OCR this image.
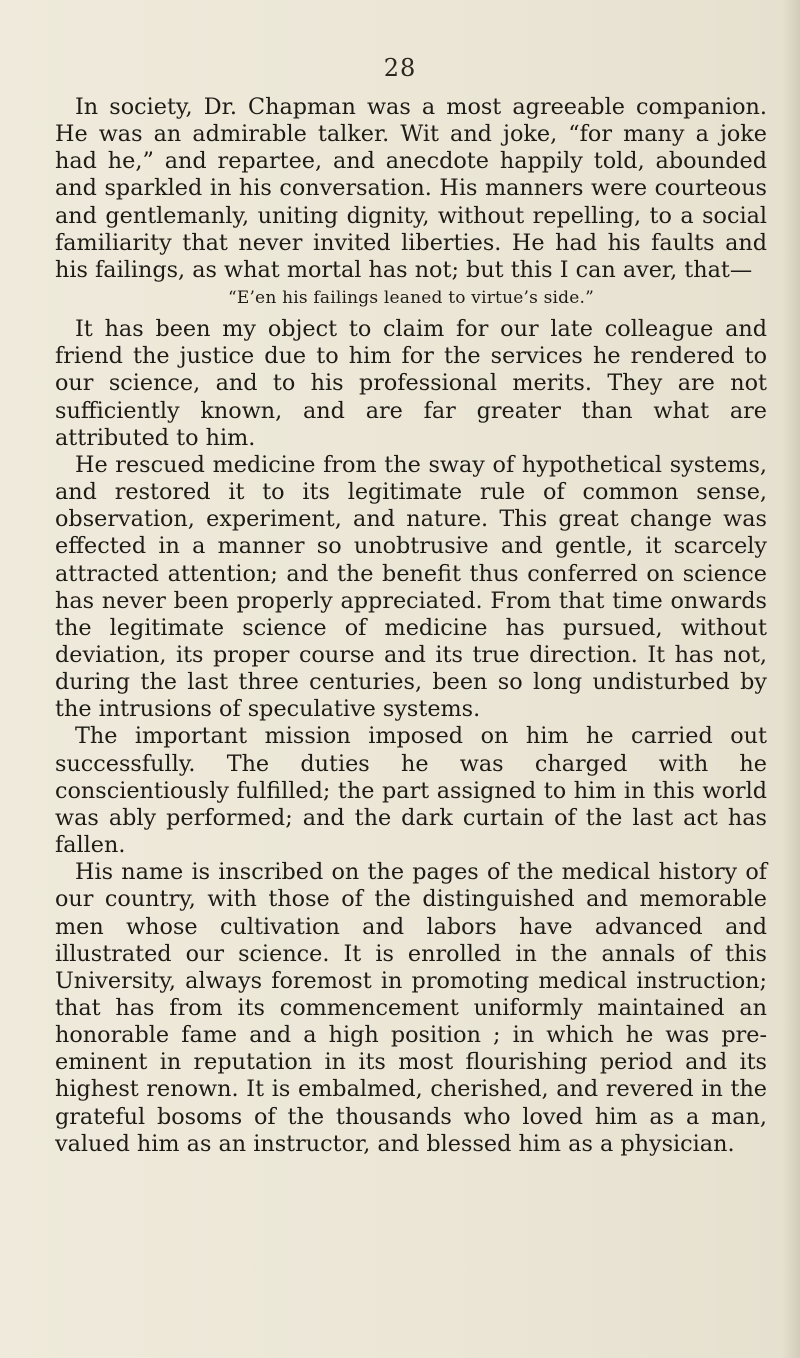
28

In society, Dr. Chapman was a most agreeable companion. He was an admirable talker. Wit and joke, “for many a joke had he,” and repartee, and anecdote happily told, abounded and sparkled in his conversation. His manners were courteous and gentlemanly, uniting dignity, without repelling, to a social familiarity that never invited liberties. He had his faults and his failings, as what mortal has not; but this I can aver, that—

“E’en his failings leaned to virtue’s side.”

It has been my object to claim for our late colleague and friend the justice due to him for the services he rendered to our science, and to his professional merits. They are not sufficiently known, and are far greater than what are attributed to him.

He rescued medicine from the sway of hypothetical systems, and restored it to its legitimate rule of common sense, observation, experiment, and nature. This great change was effected in a manner so unobtrusive and gentle, it scarcely attracted attention; and the benefit thus conferred on science has never been properly appreciated. From that time onwards the legitimate science of medicine has pursued, without deviation, its proper course and its true direction. It has not, during the last three centuries, been so long undisturbed by the intrusions of speculative systems.

The important mission imposed on him he carried out successfully. The duties he was charged with he conscientiously fulfilled; the part assigned to him in this world was ably performed; and the dark curtain of the last act has fallen.

His name is inscribed on the pages of the medical history of our country, with those of the distinguished and memorable men whose cultivation and labors have advanced and illustrated our science. It is enrolled in the annals of this University, always foremost in promoting medical instruction; that has from its commencement uniformly maintained an honorable fame and a high position ; in which he was pre-eminent in reputation in its most flourishing period and its highest renown. It is embalmed, cherished, and revered in the grateful bosoms of the thousands who loved him as a man, valued him as an instructor, and blessed him as a physician.
